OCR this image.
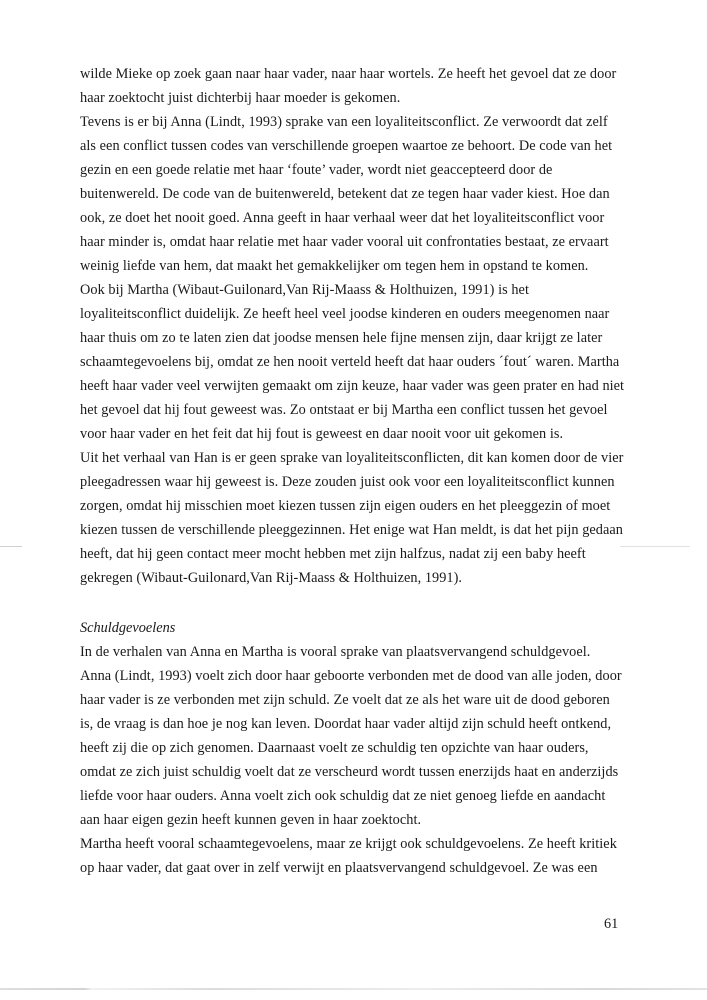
wilde Mieke op zoek gaan naar haar vader, naar haar wortels. Ze heeft het gevoel dat ze door
haar zoektocht juist dichterbij haar moeder is gekomen.
Tevens is er bij Anna (Lindt, 1993) sprake van een loyaliteitsconflict. Ze verwoordt dat zelf
als een conflict tussen codes van verschillende groepen waartoe ze behoort. De code van het
gezin en een goede relatie met haar ‘foute’ vader, wordt niet geaccepteerd door de
buitenwereld. De code van de buitenwereld, betekent dat ze tegen haar vader kiest. Hoe dan
ook, ze doet het nooit goed. Anna geeft in haar verhaal weer dat het loyaliteitsconflict voor
haar minder is, omdat haar relatie met haar vader vooral uit confrontaties bestaat, ze ervaart
weinig liefde van hem, dat maakt het gemakkelijker om tegen hem in opstand te komen.
Ook bij Martha (Wibaut-Guilonard,Van Rij-Maass & Holthuizen, 1991) is het
loyaliteitsconflict duidelijk. Ze heeft heel veel joodse kinderen en ouders meegenomen naar
haar thuis om zo te laten zien dat joodse mensen hele fijne mensen zijn, daar krijgt ze later
schaamtegevoelens bij, omdat ze hen nooit verteld heeft dat haar ouders ´fout´ waren. Martha
heeft haar vader veel verwijten gemaakt om zijn keuze, haar vader was geen prater en had niet
het gevoel dat hij fout geweest was. Zo ontstaat er bij Martha een conflict tussen het gevoel
voor haar vader en het feit dat hij fout is geweest en daar nooit voor uit gekomen is.
Uit het verhaal van Han is er geen sprake van loyaliteitsconflicten, dit kan komen door de vier
pleegadressen waar hij geweest is. Deze zouden juist ook voor een loyaliteitsconflict kunnen
zorgen, omdat hij misschien moet kiezen tussen zijn eigen ouders en het pleeggezin of moet
kiezen tussen de verschillende pleeggezinnen. Het enige wat Han meldt, is dat het pijn gedaan
heeft, dat hij geen contact meer mocht hebben met zijn halfzus, nadat zij een baby heeft
gekregen (Wibaut-Guilonard,Van Rij-Maass & Holthuizen, 1991).
Schuldgevoelens
In de verhalen van Anna en Martha is vooral sprake van plaatsvervangend schuldgevoel.
Anna (Lindt, 1993) voelt zich door haar geboorte verbonden met de dood van alle joden, door
haar vader is ze verbonden met zijn schuld. Ze voelt dat ze als het ware uit de dood geboren
is, de vraag is dan hoe je nog kan leven. Doordat haar vader altijd zijn schuld heeft ontkend,
heeft zij die op zich genomen. Daarnaast voelt ze schuldig ten opzichte van haar ouders,
omdat ze zich juist schuldig voelt dat ze verscheurd wordt tussen enerzijds haat en anderzijds
liefde voor haar ouders. Anna voelt zich ook schuldig dat ze niet genoeg liefde en aandacht
aan haar eigen gezin heeft kunnen geven in haar zoektocht.
Martha heeft vooral schaamtegevoelens, maar ze krijgt ook schuldgevoelens. Ze heeft kritiek
op haar vader, dat gaat over in zelf verwijt en plaatsvervangend schuldgevoel. Ze was een
61
